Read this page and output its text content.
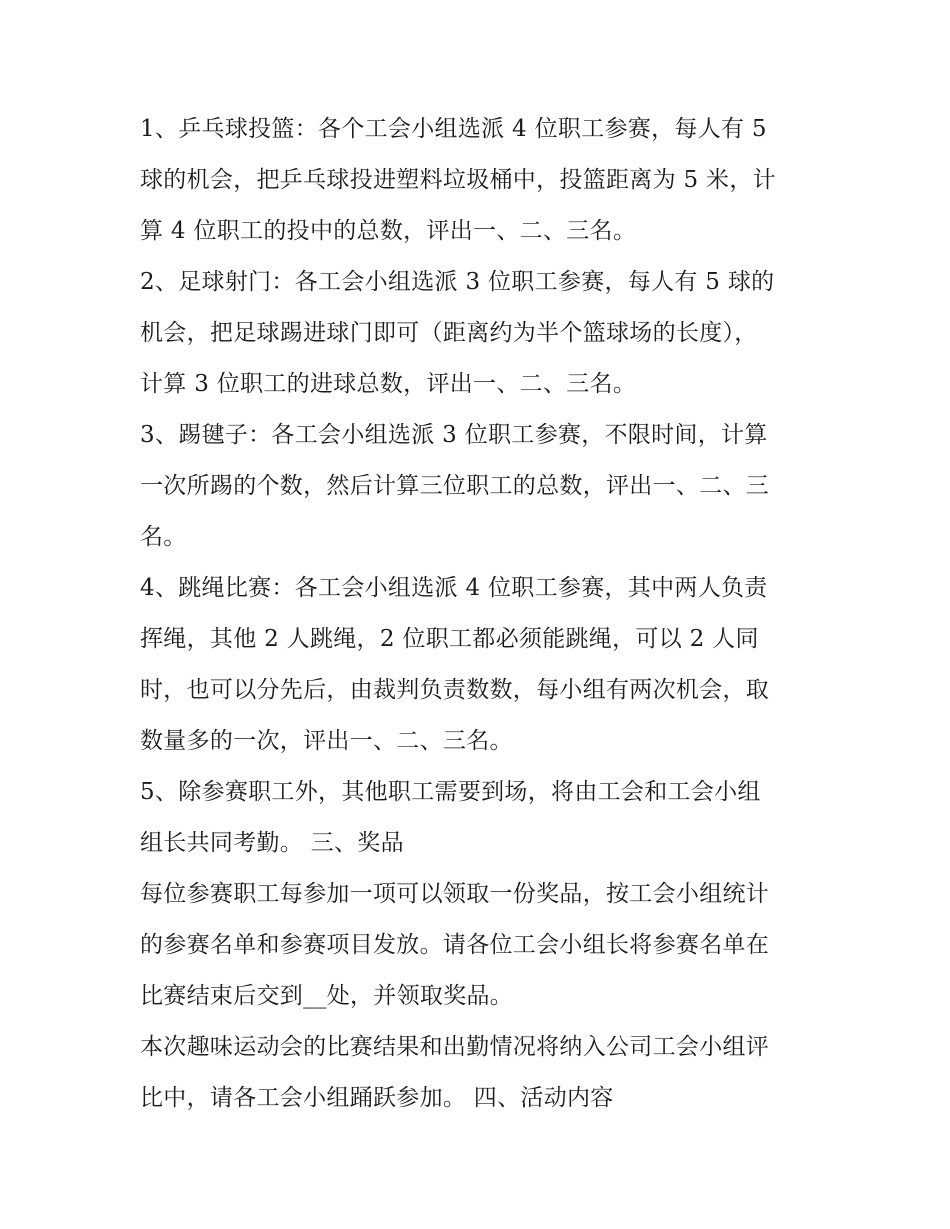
1、乒乓球投篮：各个工会小组选派 4 位职工参赛，每人有 5
球的机会，把乒乓球投进塑料垃圾桶中，投篮距离为 5 米，计
算 4 位职工的投中的总数，评出一、二、三名。
2、足球射门：各工会小组选派 3 位职工参赛，每人有 5 球的
机会，把足球踢进球门即可（距离约为半个篮球场的长度），
计算 3 位职工的进球总数，评出一、二、三名。
3、踢毽子：各工会小组选派 3 位职工参赛，不限时间，计算
一次所踢的个数，然后计算三位职工的总数，评出一、二、三
名。
4、跳绳比赛：各工会小组选派 4 位职工参赛，其中两人负责
挥绳，其他 2 人跳绳，2 位职工都必须能跳绳，可以 2 人同
时，也可以分先后，由裁判负责数数，每小组有两次机会，取
数量多的一次，评出一、二、三名。
5、除参赛职工外，其他职工需要到场，将由工会和工会小组
组长共同考勤。 三、奖品
每位参赛职工每参加一项可以领取一份奖品，按工会小组统计
的参赛名单和参赛项目发放。请各位工会小组长将参赛名单在
比赛结束后交到__处，并领取奖品。
本次趣味运动会的比赛结果和出勤情况将纳入公司工会小组评
比中，请各工会小组踊跃参加。 四、活动内容
